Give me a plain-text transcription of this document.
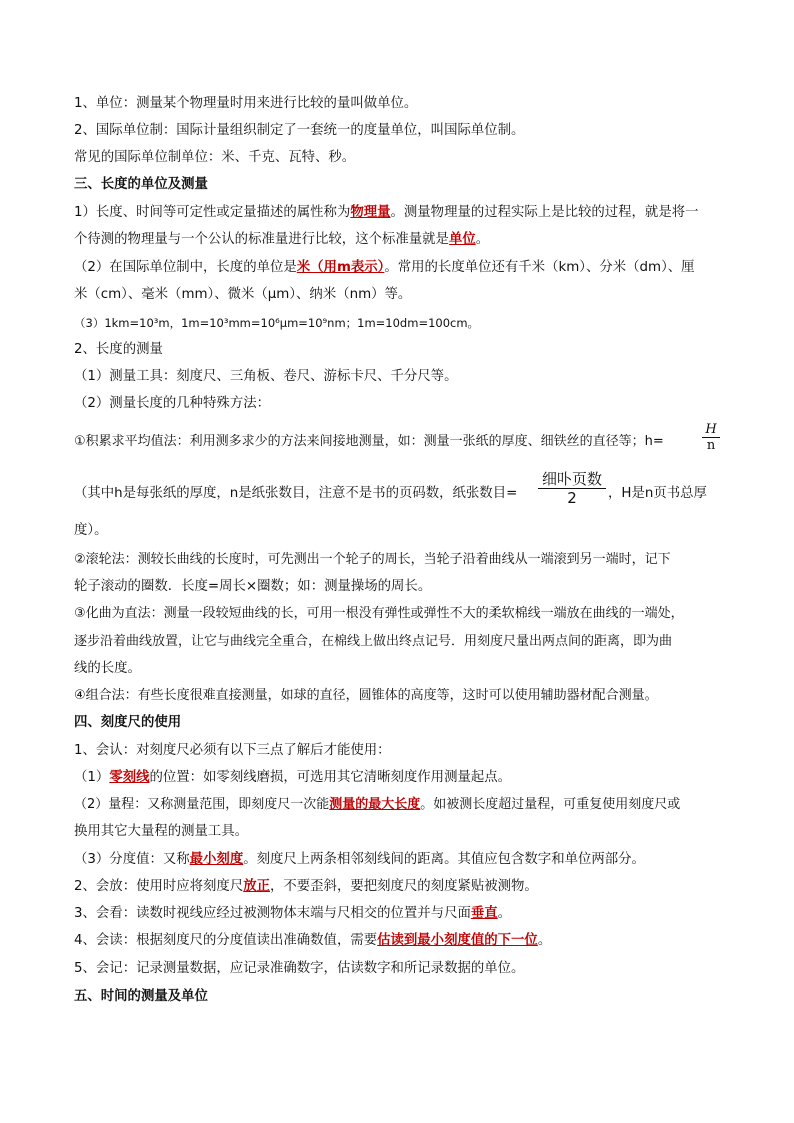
1、单位：测量某个物理量时用来进行比较的量叫做单位。
2、国际单位制：国际计量组织制定了一套统一的度量单位，叫国际单位制。
常见的国际单位制单位：米、千克、瓦特、秒。
三、长度的单位及测量
1）长度、时间等可定性或定量描述的属性称为物理量。测量物理量的过程实际上是比较的过程，就是将一
个待测的物理量与一个公认的标准量进行比较，这个标准量就是单位。
（2）在国际单位制中，长度的单位是米（用m表示）。常用的长度单位还有千米（km）、分米（dm）、厘
米（cm）、毫米（mm）、微米（μm）、纳米（nm）等。
（3）1km=10³m，1m=10³mm=10⁶μm=10⁹nm；1m=10dm=100cm。
2、长度的测量
（1）测量工具：刻度尺、三角板、卷尺、游标卡尺、千分尺等。
（2）测量长度的几种特殊方法：
①积累求平均值法：利用测多求少的方法来间接地测量，如：测量一张纸的厚度、细铁丝的直径等；h=
H
n
（其中h是每张纸的厚度，n是纸张数目，注意不是书的页码数，纸张数目=
细卟页数
2	，H是n页书总厚
度）。
②滚轮法：测较长曲线的长度时，可先测出一个轮子的周长，当轮子沿着曲线从一端滚到另一端时，记下
轮子滚动的圈数．长度=周长×圈数；如：测量操场的周长。
③化曲为直法：测量一段较短曲线的长，可用一根没有弹性或弹性不大的柔软棉线一端放在曲线的一端处，
逐步沿着曲线放置，让它与曲线完全重合，在棉线上做出终点记号．用刻度尺量出两点间的距离，即为曲
线的长度。
④组合法：有些长度很难直接测量，如球的直径，圆锥体的高度等，这时可以使用辅助器材配合测量。
四、刻度尺的使用
1、会认：对刻度尺必须有以下三点了解后才能使用：
（1）零刻线的位置：如零刻线磨损，可选用其它清晰刻度作用测量起点。
（2）量程：又称测量范围，即刻度尺一次能测量的最大长度。如被测长度超过量程，可重复使用刻度尺或
换用其它大量程的测量工具。
（3）分度值：又称最小刻度。刻度尺上两条相邻刻线间的距离。其值应包含数字和单位两部分。
2、会放：使用时应将刻度尺放正，不要歪斜，要把刻度尺的刻度紧贴被测物。
3、会看：读数时视线应经过被测物体末端与尺相交的位置并与尺面垂直。
4、会读：根据刻度尺的分度值读出准确数值，需要估读到最小刻度值的下一位。
5、会记：记录测量数据，应记录准确数字，估读数字和所记录数据的单位。
五、时间的测量及单位
